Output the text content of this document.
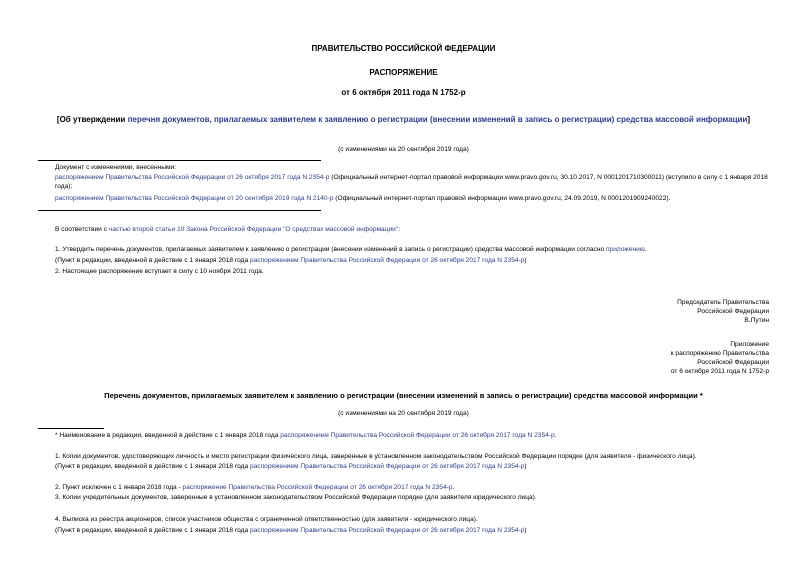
ПРАВИТЕЛЬСТВО РОССИЙСКОЙ ФЕДЕРАЦИИ
РАСПОРЯЖЕНИЕ
от 6 октября 2011 года N 1752-р
[Об утверждении перечня документов, прилагаемых заявителем к заявлению о регистрации (внесении изменений в запись о регистрации) средства массовой информации]
(с изменениями на 20 сентября 2019 года)
Документ с изменениями, внесенными:
распоряжением Правительства Российской Федерации от 26 октября 2017 года N 2354-р (Официальный интернет-портал правовой информации www.pravo.gov.ru, 30.10.2017, N 0001201710300011) (вступило в силу с 1 января 2018 года);
распоряжением Правительства Российской Федерации от 20 сентября 2019 года N 2140-р (Официальный интернет-портал правовой информации www.pravo.gov.ru, 24.09.2019, N 0001201909240022).
В соответствии с частью второй статьи 10 Закона Российской Федерации "О средствах массовой информации":
1. Утвердить перечень документов, прилагаемых заявителем к заявлению о регистрации (внесении изменений в запись о регистрации) средства массовой информации согласно приложению.
(Пункт в редакции, введенной в действие с 1 января 2018 года распоряжением Правительства Российской Федерации от 26 октября 2017 года N 2354-р)
2. Настоящее распоряжение вступает в силу с 10 ноября 2011 года.

Председатель Правительства

Российской Федерации

В.Путин

Приложение

к распоряжению Правительства

Российской Федерации

от 6 октября 2011 года N 1752-р

Перечень документов, прилагаемых заявителем к заявлению о регистрации (внесении изменений в запись о регистрации) средства массовой информации *
(с изменениями на 20 сентября 2019 года)
* Наименование в редакции, введенной в действие с 1 января 2018 года распоряжением Правительства Российской Федерации от 26 октября 2017 года N 2354-р.
1. Копии документов, удостоверяющих личность и место регистрации физического лица, заверенные в установленном законодательством Российской Федерации порядке (для заявителя - физического лица).
(Пункт в редакции, введенной в действие с 1 января 2018 года распоряжением Правительства Российской Федерации от 26 октября 2017 года N 2354-р)
2. Пункт исключен с 1 января 2018 года - распоряжение Правительства Российской Федерации от 26 октября 2017 года N 2354-р.
3. Копии учредительных документов, заверенные в установленном законодательством Российской Федерации порядке (для заявителя юридического лица).
4. Выписка из реестра акционеров, список участников общества с ограниченной ответственностью (для заявителя - юридического лица).
(Пункт в редакции, введенной в действие с 1 января 2018 года распоряжением Правительства Российской Федерации от 26 октября 2017 года N 2354-р)
